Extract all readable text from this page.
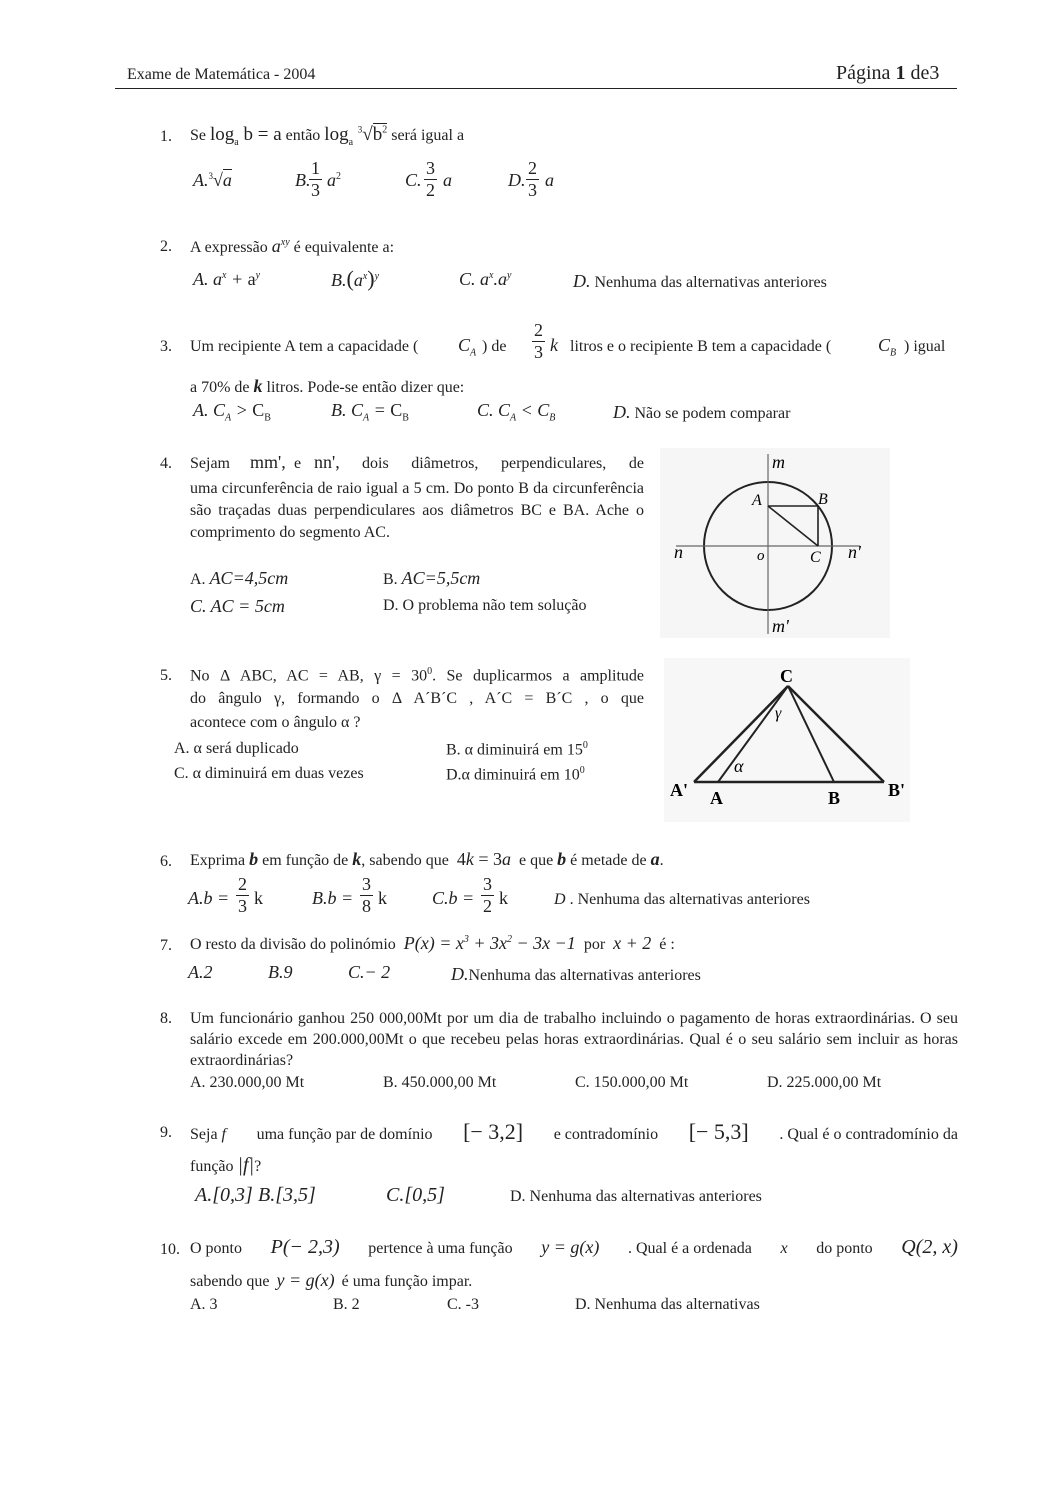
Exame de Matemática - 2004	Página 1 de3
1. Se $\log_a b = a$ então $\log_a ^3√b^2$ será igual a
A.$^3$√a	B.
$\frac{1}{3} a^2$	C. $\frac{3}{2}$ a	D. $\frac{2}{3}$ a
2. A expressão $a^{xy}$ é equivalente a:
A. $a^x + a^y$	$B.(a^x)^y$	C. $a^x.a^y$	D. Nenhuma das alternativas anteriores
3. Um recipiente A tem a capacidade ( $C_A$ ) de $\frac{2}{3}$ k litros e o recipiente B tem a capacidade (	$C_B$ ) igual
a 70% de k litros. Pode-se então dizer que:
A. $C_A > C_B$	B. $C_A = C_B$	C. $C_A < C_B$	D. Não se podem comparar
4. Sejam mm', e nn', dois diâmetros, perpendiculares, de
uma circunferência de raio igual a 5 cm. Do ponto B da circunferência são traçadas duas perpendiculares aos diâmetros BC e BA. Ache o comprimento do segmento AC.
A. AC=4,5cm	B. AC=5,5cm
C. AC = 5cm	D. O problema não tem solução
m
n	n'
m'
A	B
o	C
5. No Δ ABC, AC = AB, $\gamma = 30^0$. Se duplicarmos a amplitude
do ângulo γ, formando o Δ A´B´C , A´C = B´C , o que
acontece com o ângulo α ?
A. α será duplicado	B. α diminuirá em $15^0$
C. α diminuirá em duas vezes	D.α diminuirá em $10^0$
C
A' A	B	B'
γ
α
6. Exprima b em função de k, sabendo que 4k = 3a e que b é metade de a.
$A.b = \frac{2}{3}$ k	$B.b = \frac{3}{8}$ k	$C.b = \frac{3}{2}$ k	D . Nenhuma das alternativas anteriores
7. O resto da divisão do polinómio $P(x) = x^3 + 3x^2 - 3x -1$ por x + 2 é :
A.2	B.9	C.− 2	D.Nenhuma das alternativas anteriores
8. Um funcionário ganhou 250 000,00Mt por um dia de trabalho incluindo o pagamento de horas extraordinárias. O seu salário excede em 200.000,00Mt o que recebeu pelas horas extraordinárias. Qual é o seu salário sem incluir as horas extraordinárias?
A. 230.000,00 Mt	B. 450.000,00 Mt	C. 150.000,00 Mt	D. 225.000,00 Mt
9. Seja f uma função par de domínio [− 3,2] e contradomínio [− 5,3] . Qual é o contradomínio da
função |f|?
A.[0,3] B.[3,5]	C.[0,5]	D. Nenhuma das alternativas anteriores
10. O ponto P(− 2,3) pertence à uma função y = g(x) . Qual é a ordenada x do ponto Q(2, x)
sabendo que y = g(x) é uma função impar.
A. 3	B. 2	C. -3	D. Nenhuma das alternativas
